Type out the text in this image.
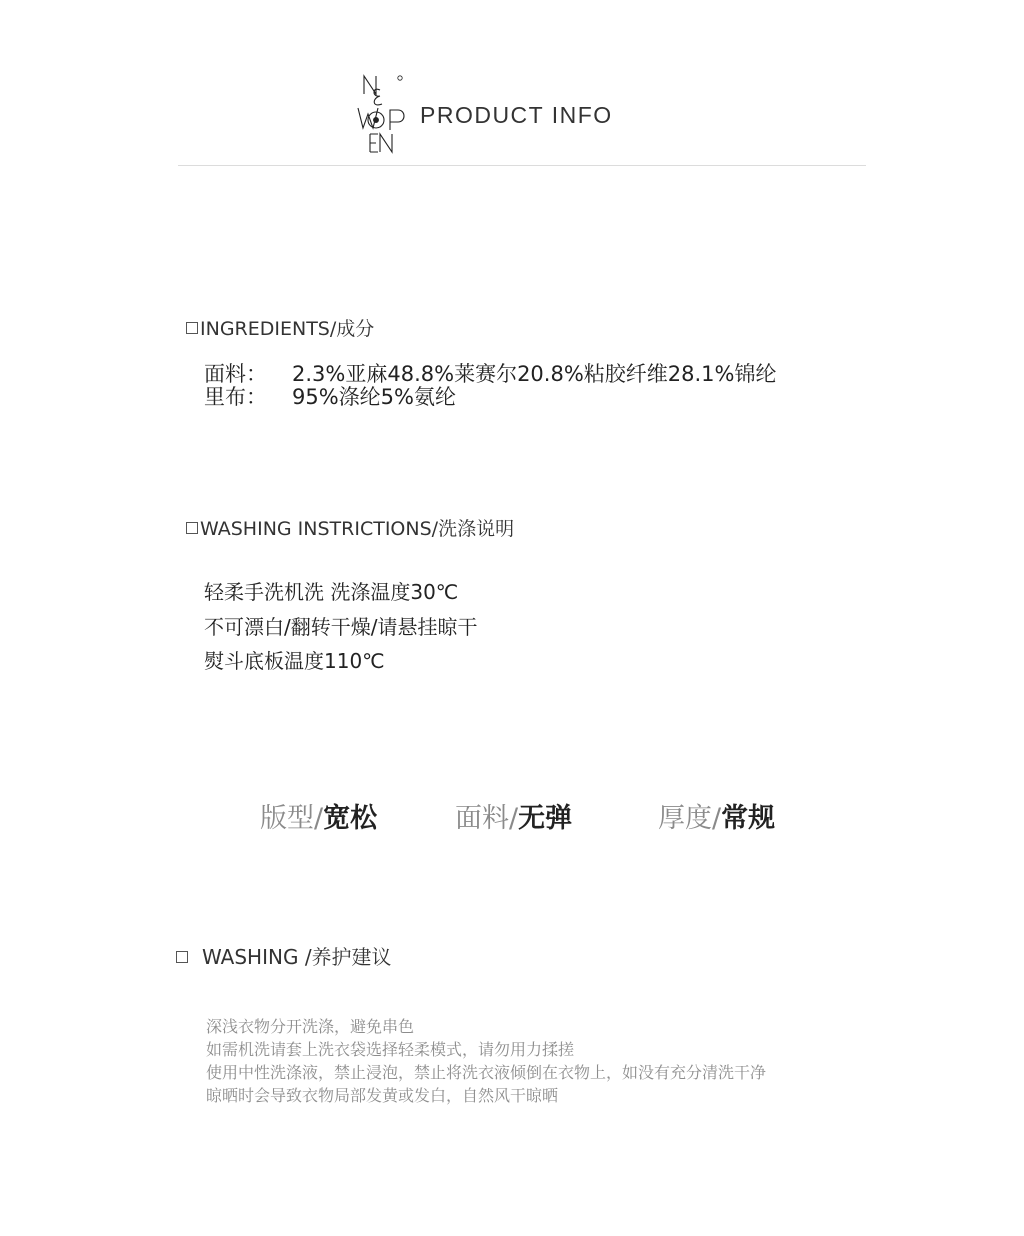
PRODUCT INFO
INGREDIENTS/成分
面料： 2.3%亚麻48.8%莱赛尔20.8%粘胶纤维28.1%锦纶
里布： 95%涤纶5%氨纶
WASHING INSTRICTIONS/洗涤说明
轻柔手洗机洗 洗涤温度30℃
不可漂白/翻转干燥/请悬挂晾干
熨斗底板温度110℃
版型/宽松	面料/无弹	厚度/常规
WASHING /养护建议
深浅衣物分开洗涤，避免串色
如需机洗请套上洗衣袋选择轻柔模式，请勿用力揉搓
使用中性洗涤液，禁止浸泡，禁止将洗衣液倾倒在衣物上，如没有充分清洗干净
晾晒时会导致衣物局部发黄或发白，自然风干晾晒
